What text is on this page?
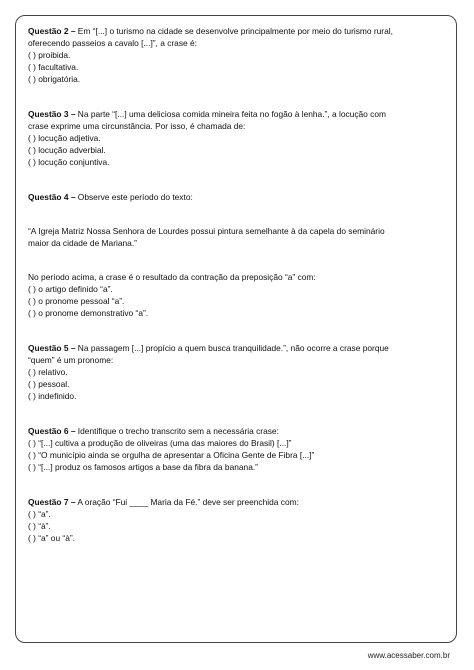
Questão 2 – Em “[...] o turismo na cidade se desenvolve principalmente por meio do turismo rural,
oferecendo passeios a cavalo [...]”, a crase é:
( ) proibida.
( ) facultativa.
( ) obrigatória.
Questão 3 – Na parte “[...] uma deliciosa comida mineira feita no fogão à lenha.”, a locução com
crase exprime uma circunstância. Por isso, é chamada de:
( ) locução adjetiva.
( ) locução adverbial.
( ) locução conjuntiva.
Questão 4 – Observe este período do texto:
“A Igreja Matriz Nossa Senhora de Lourdes possui pintura semelhante à da capela do seminário
maior da cidade de Mariana.”
No período acima, a crase é o resultado da contração da preposição “a” com:
( ) o artigo definido “a”.
( ) o pronome pessoal “a”.
( ) o pronome demonstrativo “a”.
Questão 5 – Na passagem [...] propício a quem busca tranquilidade.”, não ocorre a crase porque
“quem” é um pronome:
( ) relativo.
( ) pessoal.
( ) indefinido.
Questão 6 – Identifique o trecho transcrito sem a necessária crase:
( ) “[...] cultiva a produção de oliveiras (uma das maiores do Brasil) [...]”
( ) “O município ainda se orgulha de apresentar a Oficina Gente de Fibra [...]”
( ) “[...] produz os famosos artigos a base da fibra da banana.”
Questão 7 – A oração “Fui ____ Maria da Fé.” deve ser preenchida com:
( ) “a”.
( ) “à”.
( ) “a” ou “à”.
www.acessaber.com.br
